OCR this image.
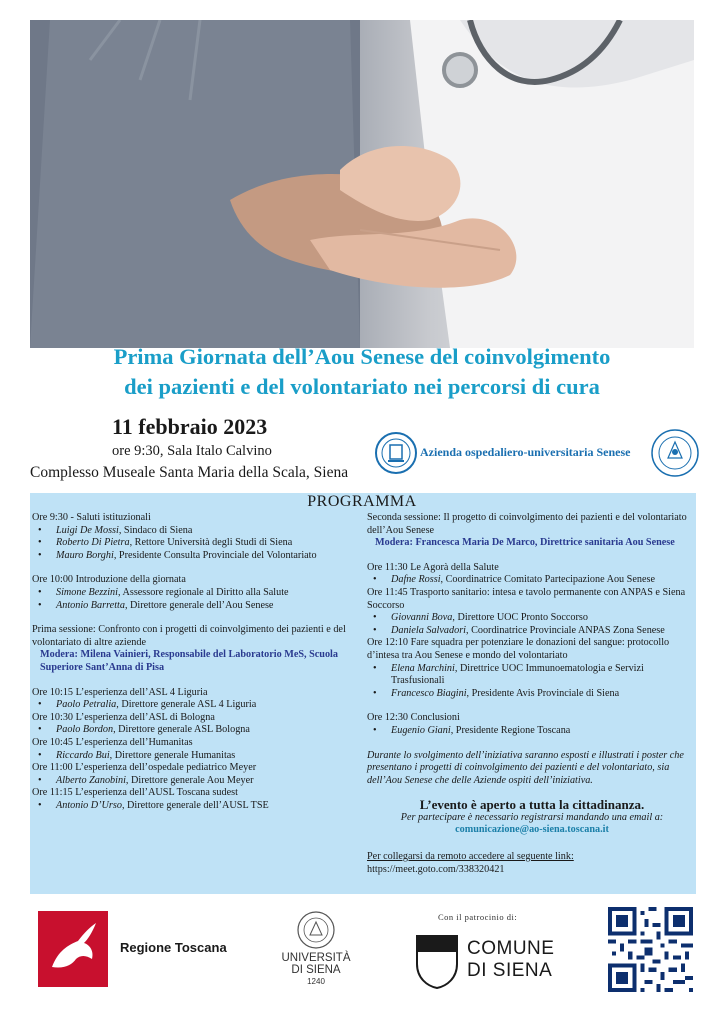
Prima Giornata dell’Aou Senese del coinvolgimento
dei pazienti e del volontariato nei percorsi di cura
11 febbraio 2023
ore 9:30, Sala Italo Calvino
Complesso Museale Santa Maria della Scala, Siena
Azienda ospedaliero-universitaria Senese
PROGRAMMA
Ore 9:30 - Saluti istituzionali
• Luigi De Mossi, Sindaco di Siena
• Roberto Di Pietra, Rettore Università degli Studi di Siena
• Mauro Borghi, Presidente Consulta Provinciale del Volontariato
Ore 10:00 Introduzione della giornata
• Simone Bezzini, Assessore regionale al Diritto alla Salute
• Antonio Barretta, Direttore generale dell’Aou Senese
Prima sessione: Confronto con i progetti di coinvolgimento dei pazienti e del volontariato di altre aziende
Modera: Milena Vainieri, Responsabile del Laboratorio MeS, Scuola Superiore Sant’Anna di Pisa
Ore 10:15 L’esperienza dell’ASL 4 Liguria
• Paolo Petralia, Direttore generale ASL 4 Liguria
Ore 10:30 L’esperienza dell’ASL di Bologna
• Paolo Bordon, Direttore generale ASL Bologna
Ore 10:45 L’esperienza dell’Humanitas
• Riccardo Bui, Direttore generale Humanitas
Ore 11:00 L’esperienza dell’ospedale pediatrico Meyer
• Alberto Zanobini, Direttore generale Aou Meyer
Ore 11:15 L’esperienza dell’AUSL Toscana sudest
• Antonio D’Urso, Direttore generale dell’AUSL TSE
Seconda sessione: Il progetto di coinvolgimento dei pazienti e del volontariato dell’Aou Senese
Modera: Francesca Maria De Marco, Direttrice sanitaria Aou Senese
Ore 11:30 Le Agorà della Salute
• Dafne Rossi, Coordinatrice Comitato Partecipazione Aou Senese
Ore 11:45 Trasporto sanitario: intesa e tavolo permanente con ANPAS e Siena Soccorso
• Giovanni Bova, Direttore UOC Pronto Soccorso
• Daniela Salvadori, Coordinatrice Provinciale ANPAS Zona Senese
Ore 12:10 Fare squadra per potenziare le donazioni del sangue: protocollo d’intesa tra Aou Senese e mondo del volontariato
• Elena Marchini, Direttrice UOC Immunoematologia e Servizi Trasfusionali
• Francesco Biagini, Presidente Avis Provinciale di Siena
Ore 12:30 Conclusioni
• Eugenio Giani, Presidente Regione Toscana
Durante lo svolgimento dell’iniziativa saranno esposti e illustrati i poster che presentano i progetti di coinvolgimento dei pazienti e del volontariato, sia dell’Aou Senese che delle Aziende ospiti dell’iniziativa.
L’evento è aperto a tutta la cittadinanza.
Per partecipare è necessario registrarsi mandando una email a:
comunicazione@ao-siena.toscana.it
Per collegarsi da remoto accedere al seguente link:
https://meet.goto.com/338320421
Regione Toscana
UNIVERSITÀ
DI SIENA
1240
Con il patrocinio di:
COMUNE
DI SIENA
